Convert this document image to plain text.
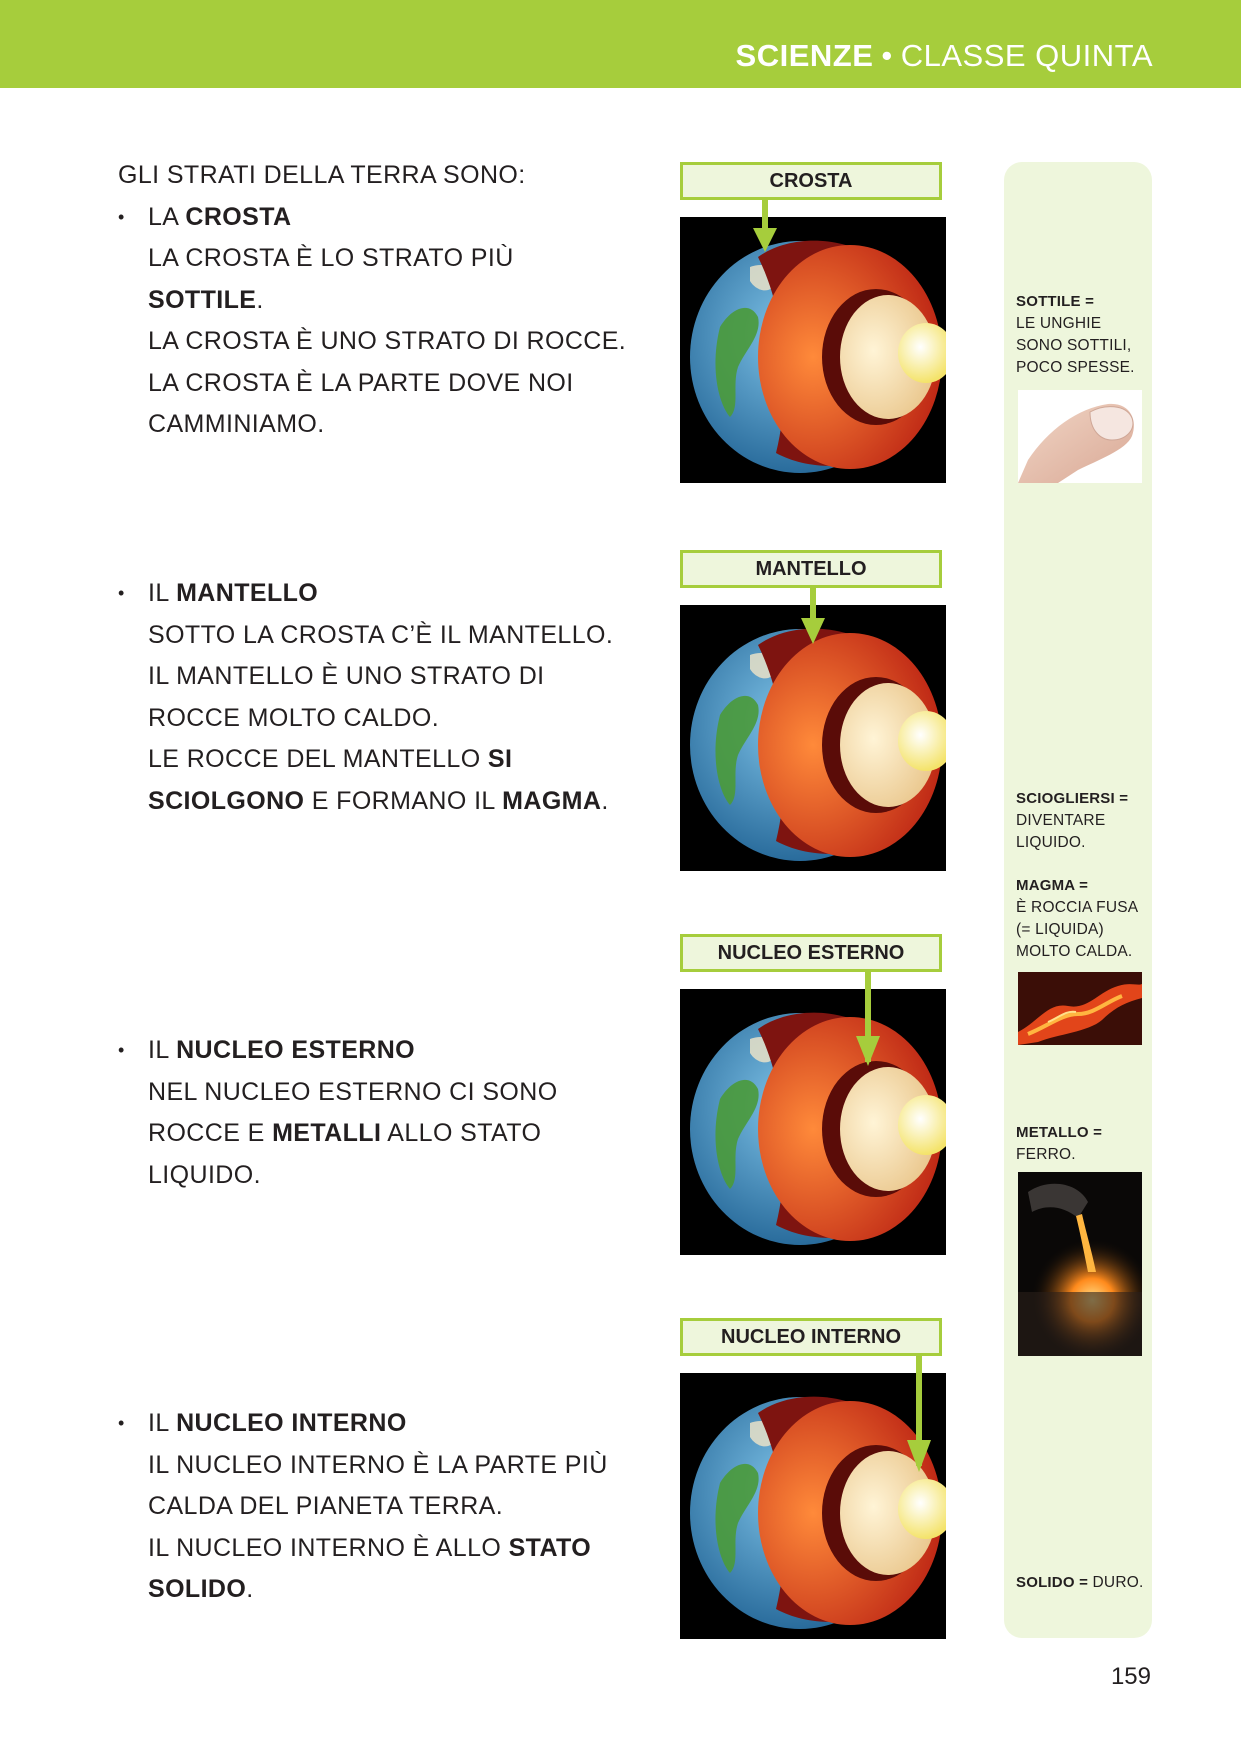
SCIENZE • CLASSE QUINTA
GLI STRATI DELLA TERRA SONO:
• LA CROSTA
LA CROSTA È LO STRATO PIÙ
SOTTILE.
LA CROSTA È UNO STRATO DI ROCCE.
LA CROSTA È LA PARTE DOVE NOI
CAMMINIAMO.
• IL MANTELLO
SOTTO LA CROSTA C’È IL MANTELLO.
IL MANTELLO È UNO STRATO DI
ROCCE MOLTO CALDO.
LE ROCCE DEL MANTELLO SI
SCIOLGONO E FORMANO IL MAGMA.
• IL NUCLEO ESTERNO
NEL NUCLEO ESTERNO CI SONO
ROCCE E METALLI ALLO STATO
LIQUIDO.
• IL NUCLEO INTERNO
IL NUCLEO INTERNO È LA PARTE PIÙ
CALDA DEL PIANETA TERRA.
IL NUCLEO INTERNO È ALLO STATO
SOLIDO.
CROSTA
MANTELLO
NUCLEO ESTERNO
NUCLEO INTERNO
SOTTILE =
LE UNGHIE
SONO SOTTILI,
POCO SPESSE.
SCIOGLIERSI =
DIVENTARE
LIQUIDO.
MAGMA =
È ROCCIA FUSA
(= LIQUIDA)
MOLTO CALDA.
METALLO =
FERRO.
SOLIDO = DURO.
159
